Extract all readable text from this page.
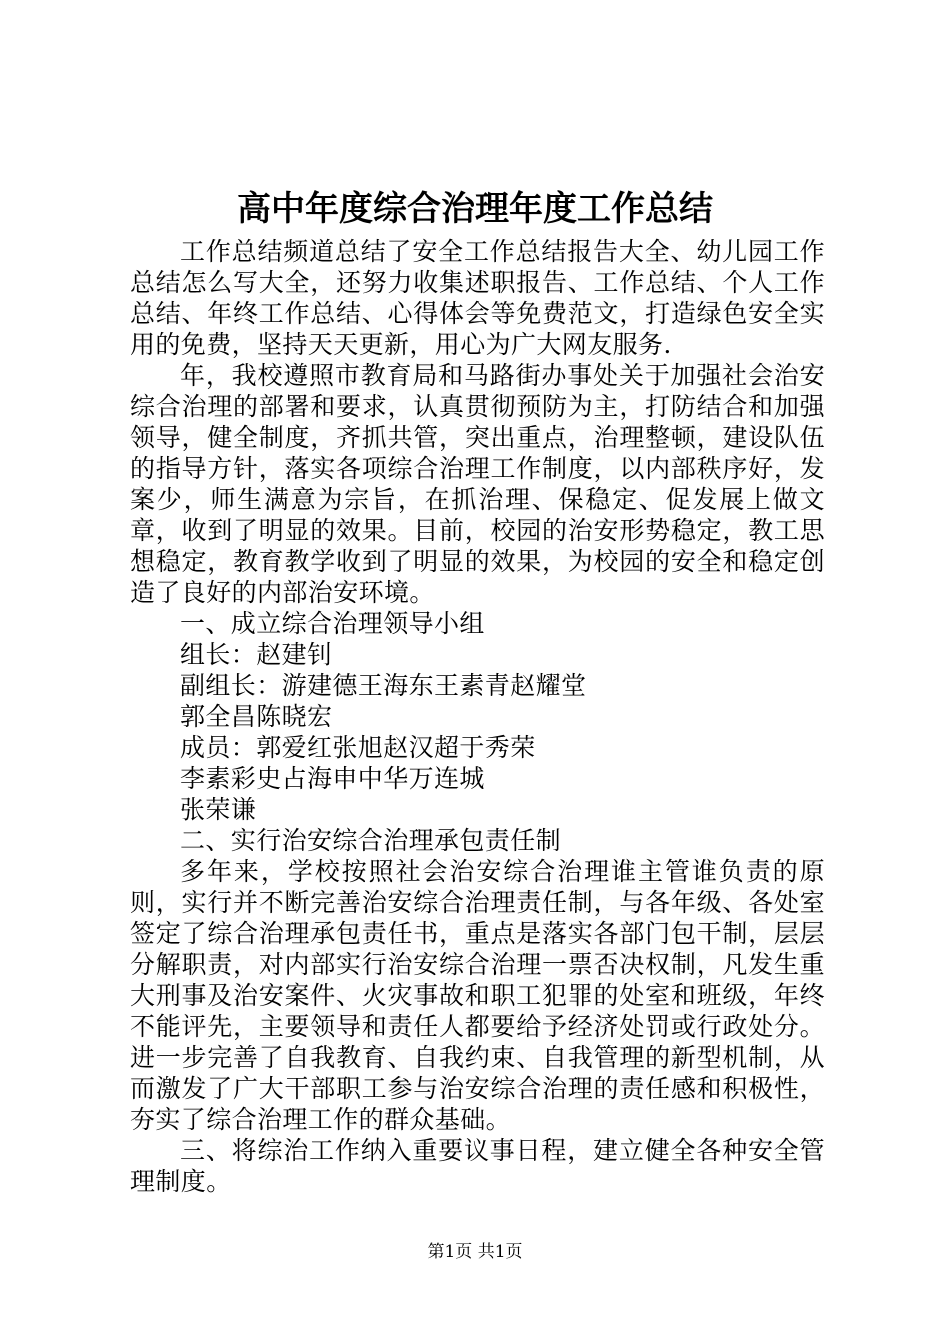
高中年度综合治理年度工作总结

工作总结频道总结了安全工作总结报告大全、幼儿园工作总结怎么写大全，还努力收集述职报告、工作总结、个人工作总结、年终工作总结、心得体会等免费范文，打造绿色安全实用的免费，坚持天天更新，用心为广大网友服务.

年，我校遵照市教育局和马路街办事处关于加强社会治安综合治理的部署和要求，认真贯彻预防为主，打防结合和加强领导，健全制度，齐抓共管，突出重点，治理整顿，建设队伍的指导方针，落实各项综合治理工作制度，以内部秩序好，发案少，师生满意为宗旨，在抓治理、保稳定、促发展上做文章，收到了明显的效果。目前，校园的治安形势稳定，教工思想稳定，教育教学收到了明显的效果，为校园的安全和稳定创造了良好的内部治安环境。

一、成立综合治理领导小组

组长：赵建钊

副组长：游建德王海东王素青赵耀堂

郭全昌陈晓宏

成员：郭爱红张旭赵汉超于秀荣

李素彩史占海申中华万连城

张荣谦

二、实行治安综合治理承包责任制

多年来，学校按照社会治安综合治理谁主管谁负责的原则，实行并不断完善治安综合治理责任制，与各年级、各处室签定了综合治理承包责任书，重点是落实各部门包干制，层层分解职责，对内部实行治安综合治理一票否决权制，凡发生重大刑事及治安案件、火灾事故和职工犯罪的处室和班级，年终不能评先，主要领导和责任人都要给予经济处罚或行政处分。进一步完善了自我教育、自我约束、自我管理的新型机制，从而激发了广大干部职工参与治安综合治理的责任感和积极性，夯实了综合治理工作的群众基础。

三、将综治工作纳入重要议事日程，建立健全各种安全管理制度。

第1页 共1页
